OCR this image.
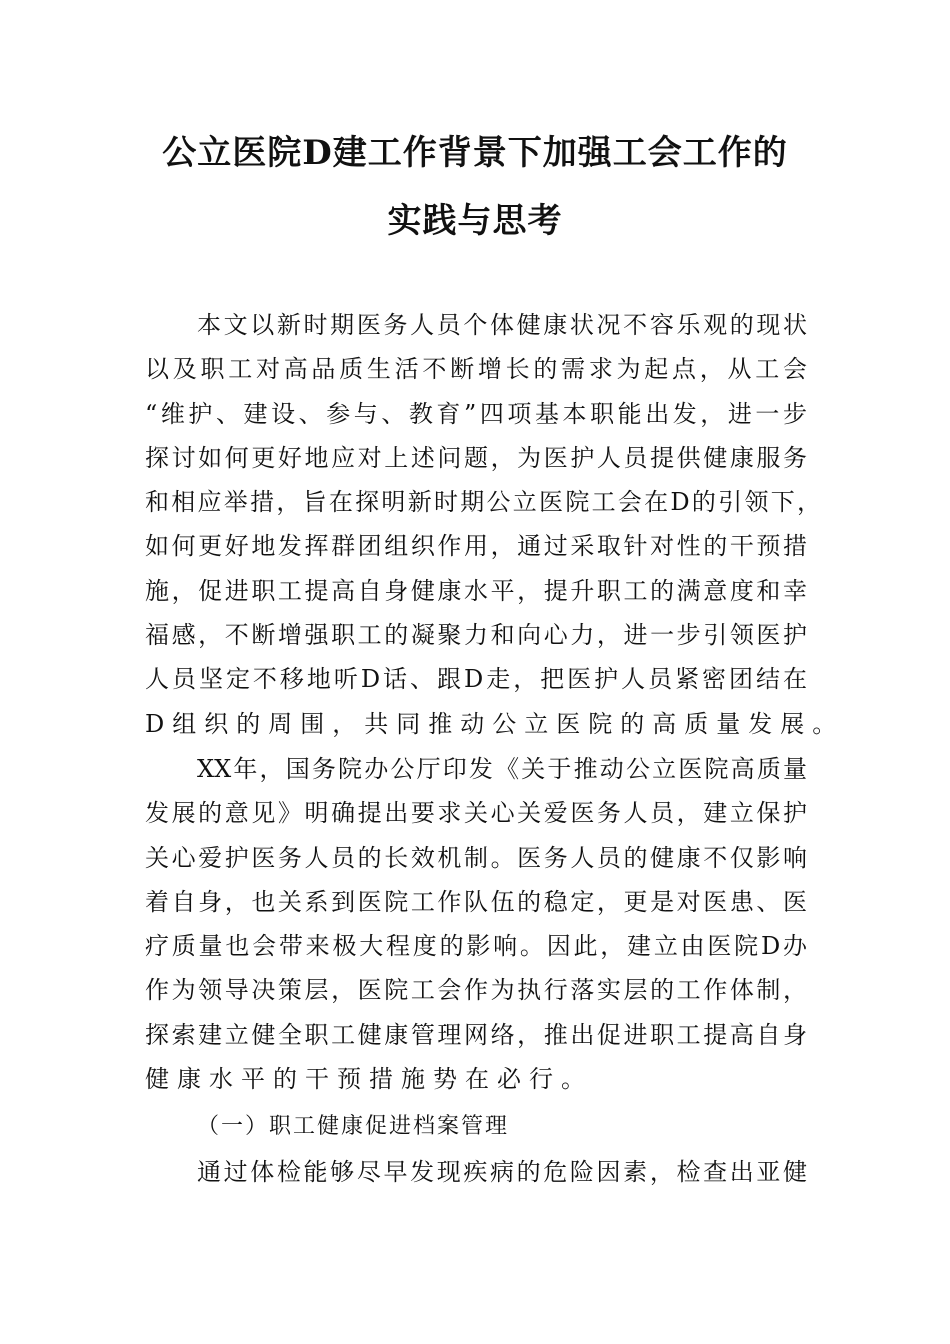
公立医院D建工作背景下加强工会工作的
实践与思考
本文以新时期医务人员个体健康状况不容乐观的现状
以及职工对高品质生活不断增长的需求为起点，从工会
“维护、建设、参与、教育”四项基本职能出发，进一步
探讨如何更好地应对上述问题，为医护人员提供健康服务
和相应举措，旨在探明新时期公立医院工会在D的引领下，
如何更好地发挥群团组织作用，通过采取针对性的干预措
施，促进职工提高自身健康水平，提升职工的满意度和幸
福感，不断增强职工的凝聚力和向心力，进一步引领医护
人员坚定不移地听D话、跟D走，把医护人员紧密团结在
D组织的周围，共同推动公立医院的高质量发展。
XX年，国务院办公厅印发《关于推动公立医院高质量
发展的意见》明确提出要求关心关爱医务人员，建立保护
关心爱护医务人员的长效机制。医务人员的健康不仅影响
着自身，也关系到医院工作队伍的稳定，更是对医患、医
疗质量也会带来极大程度的影响。因此，建立由医院D办
作为领导决策层，医院工会作为执行落实层的工作体制，
探索建立健全职工健康管理网络，推出促进职工提高自身
健康水平的干预措施势在必行。
（一）职工健康促进档案管理
通过体检能够尽早发现疾病的危险因素，检查出亚健
